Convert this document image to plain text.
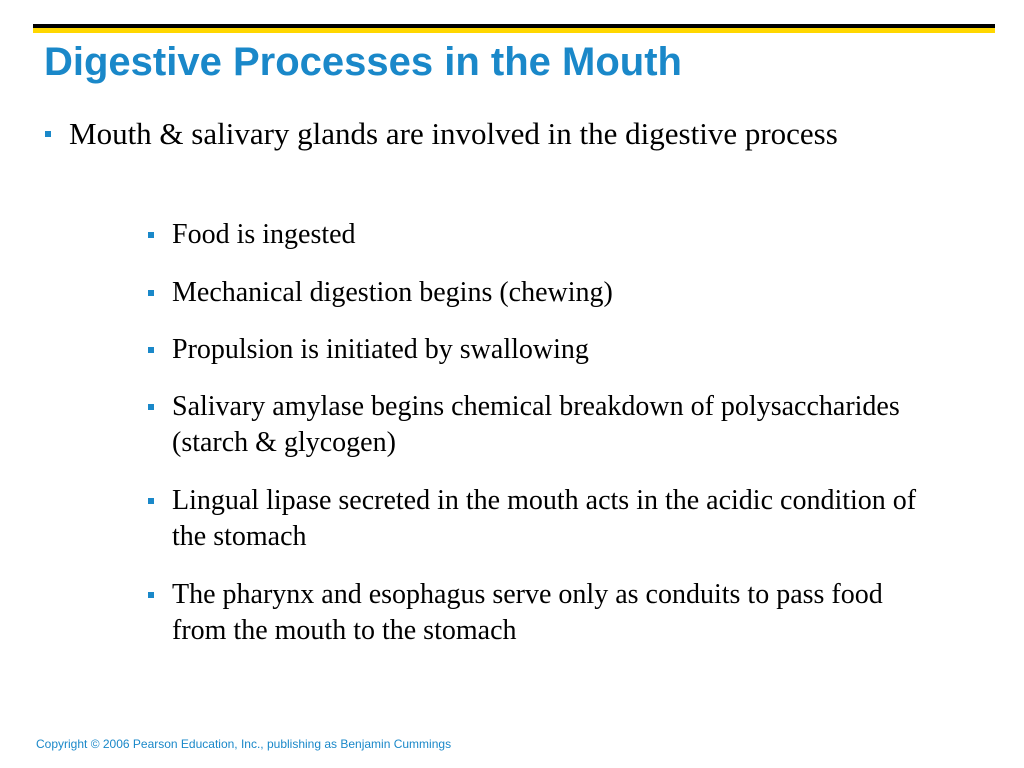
Digestive Processes in the Mouth
Mouth & salivary glands are involved in the digestive process
Food is ingested
Mechanical digestion begins (chewing)
Propulsion is initiated by swallowing
Salivary amylase begins chemical breakdown of polysaccharides (starch & glycogen)
Lingual lipase secreted in the mouth acts in the acidic condition of the stomach
The pharynx and esophagus serve only as conduits to pass food from the mouth to the stomach

Copyright © 2006 Pearson Education, Inc., publishing as Benjamin Cummings
